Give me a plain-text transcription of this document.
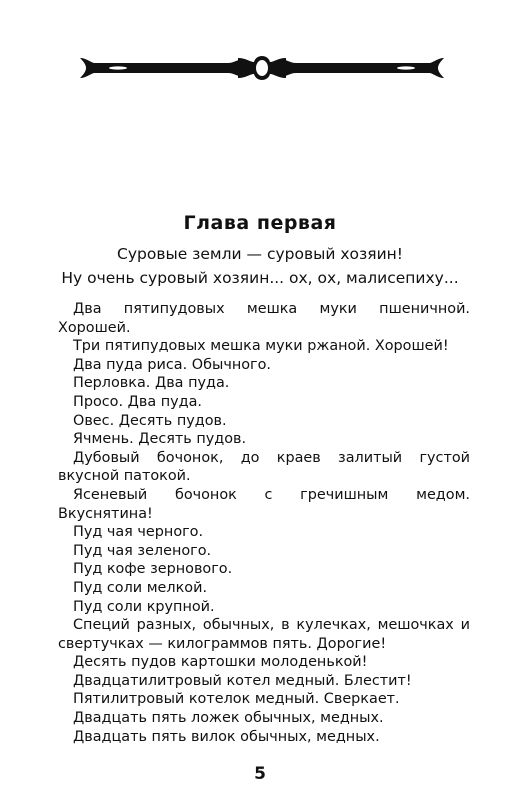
Глава первая
Суровые земли — суровый хозяин!
Ну очень суровый хозяин... ох, ох, малисепиху...

Два пятипудовых мешка муки пшеничной. Хорошей.

Три пятипудовых мешка муки ржаной. Хорошей!

Два пуда риса. Обычного.

Перловка. Два пуда.

Просо. Два пуда.

Овес. Десять пудов.

Ячмень. Десять пудов.

Дубовый бочонок, до краев залитый густой вкусной патокой.

Ясеневый бочонок с гречишным медом. Вкуснятина!

Пуд чая черного.

Пуд чая зеленого.

Пуд кофе зернового.

Пуд соли мелкой.

Пуд соли крупной.

Специй разных, обычных, в кулечках, мешочках и свертучках — килограммов пять. Дорогие!

Десять пудов картошки молоденькой!

Двадцатилитровый котел медный. Блестит!

Пятилитровый котелок медный. Сверкает.

Двадцать пять ложек обычных, медных.

Двадцать пять вилок обычных, медных.

5
